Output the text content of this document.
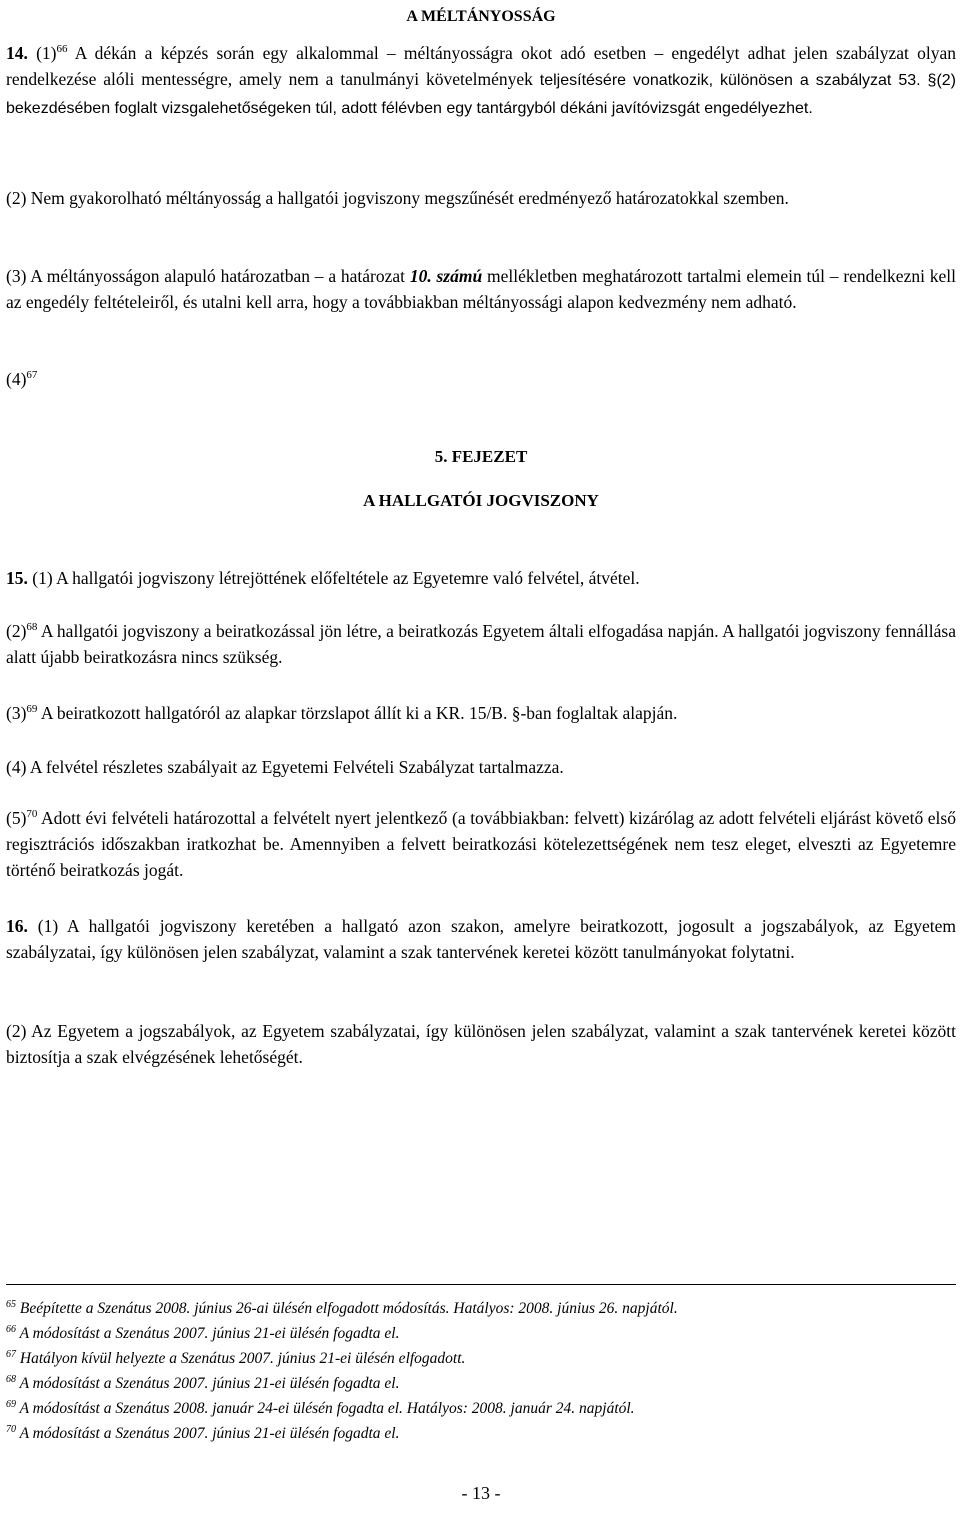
A MÉLTÁNYOSSÁG

14. $(1)^{66}$ A dékán a képzés során egy alkalommal – méltányosságra okot adó esetben – engedélyt adhat jelen szabályzat olyan rendelkezése alóli mentességre, amely nem a tanulmányi követelmények teljesítésére vonatkozik, különösen a szabályzat 53. §(2) bekezdésében foglalt vizsgalehetőségeken túl, adott félévben egy tantárgyból dékáni javítóvizsgát engedélyezhet.

(2) Nem gyakorolható méltányosság a hallgatói jogviszony megszűnését eredményező határozatokkal szemben.

(3) A méltányosságon alapuló határozatban – a határozat 10. számú mellékletben meghatározott tartalmi elemein túl – rendelkezni kell az engedély feltételeiről, és utalni kell arra, hogy a továbbiakban méltányossági alapon kedvezmény nem adható.

$(4)^{67}$

5. FEJEZET
A HALLGATÓI JOGVISZONY

15. (1) A hallgatói jogviszony létrejöttének előfeltétele az Egyetemre való felvétel, átvétel.

$(2)^{68}$ A hallgatói jogviszony a beiratkozással jön létre, a beiratkozás Egyetem általi elfogadása napján. A hallgatói jogviszony fennállása alatt újabb beiratkozásra nincs szükség.

$(3)^{69}$ A beiratkozott hallgatóról az alapkar törzslapot állít ki a KR. 15/B. §-ban foglaltak alapján.

(4) A felvétel részletes szabályait az Egyetemi Felvételi Szabályzat tartalmazza.

$(5)^{70}$ Adott évi felvételi határozottal a felvételt nyert jelentkező (a továbbiakban: felvett) kizárólag az adott felvételi eljárást követő első regisztrációs időszakban iratkozhat be. Amennyiben a felvett beiratkozási kötelezettségének nem tesz eleget, elveszti az Egyetemre történő beiratkozás jogát.

16. (1) A hallgatói jogviszony keretében a hallgató azon szakon, amelyre beiratkozott, jogosult a jogszabályok, az Egyetem szabályzatai, így különösen jelen szabályzat, valamint a szak tantervének keretei között tanulmányokat folytatni.

(2) Az Egyetem a jogszabályok, az Egyetem szabályzatai, így különösen jelen szabályzat, valamint a szak tantervének keretei között biztosítja a szak elvégzésének lehetőségét.

$^{65}$ Beépítette a Szenátus 2008. június 26-ai ülésén elfogadott módosítás. Hatályos: 2008. június 26. napjától.
$^{66}$ A módosítást a Szenátus 2007. június 21-ei ülésén fogadta el.
$^{67}$ Hatályon kívül helyezte a Szenátus 2007. június 21-ei ülésén elfogadott.
$^{68}$ A módosítást a Szenátus 2007. június 21-ei ülésén fogadta el.
$^{69}$ A módosítást a Szenátus 2008. január 24-ei ülésén fogadta el. Hatályos: 2008. január 24. napjától.
$^{70}$ A módosítást a Szenátus 2007. június 21-ei ülésén fogadta el.
- 13 -
